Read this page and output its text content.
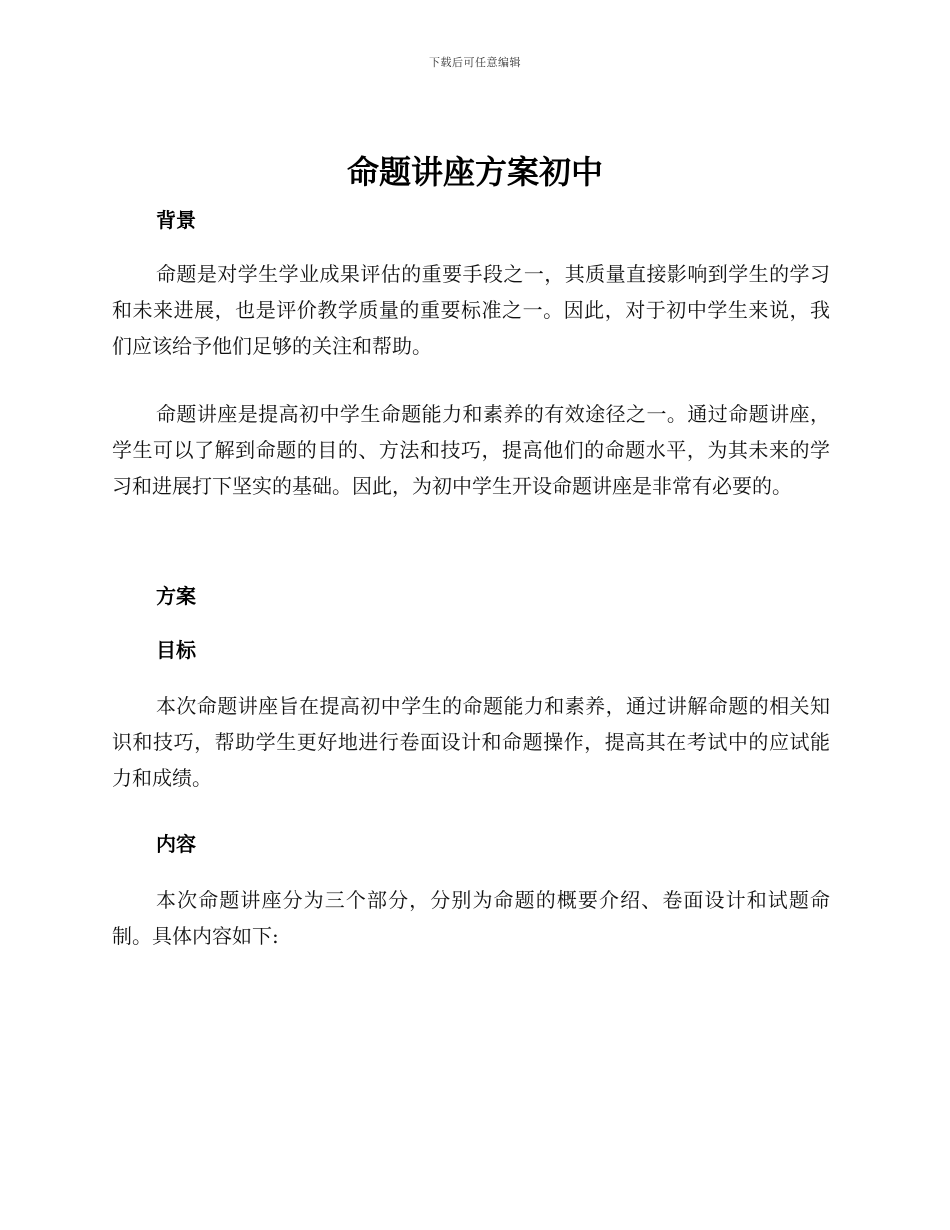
下载后可任意编辑
命题讲座方案初中
背景

命题是对学生学业成果评估的重要手段之一，其质量直接影响到学生的学习和未来进展，也是评价教学质量的重要标准之一。因此，对于初中学生来说，我们应该给予他们足够的关注和帮助。

命题讲座是提高初中学生命题能力和素养的有效途径之一。通过命题讲座，学生可以了解到命题的目的、方法和技巧，提高他们的命题水平，为其未来的学习和进展打下坚实的基础。因此，为初中学生开设命题讲座是非常有必要的。

方案
目标

本次命题讲座旨在提高初中学生的命题能力和素养，通过讲解命题的相关知识和技巧，帮助学生更好地进行卷面设计和命题操作，提高其在考试中的应试能力和成绩。

内容

本次命题讲座分为三个部分，分别为命题的概要介绍、卷面设计和试题命制。具体内容如下:
